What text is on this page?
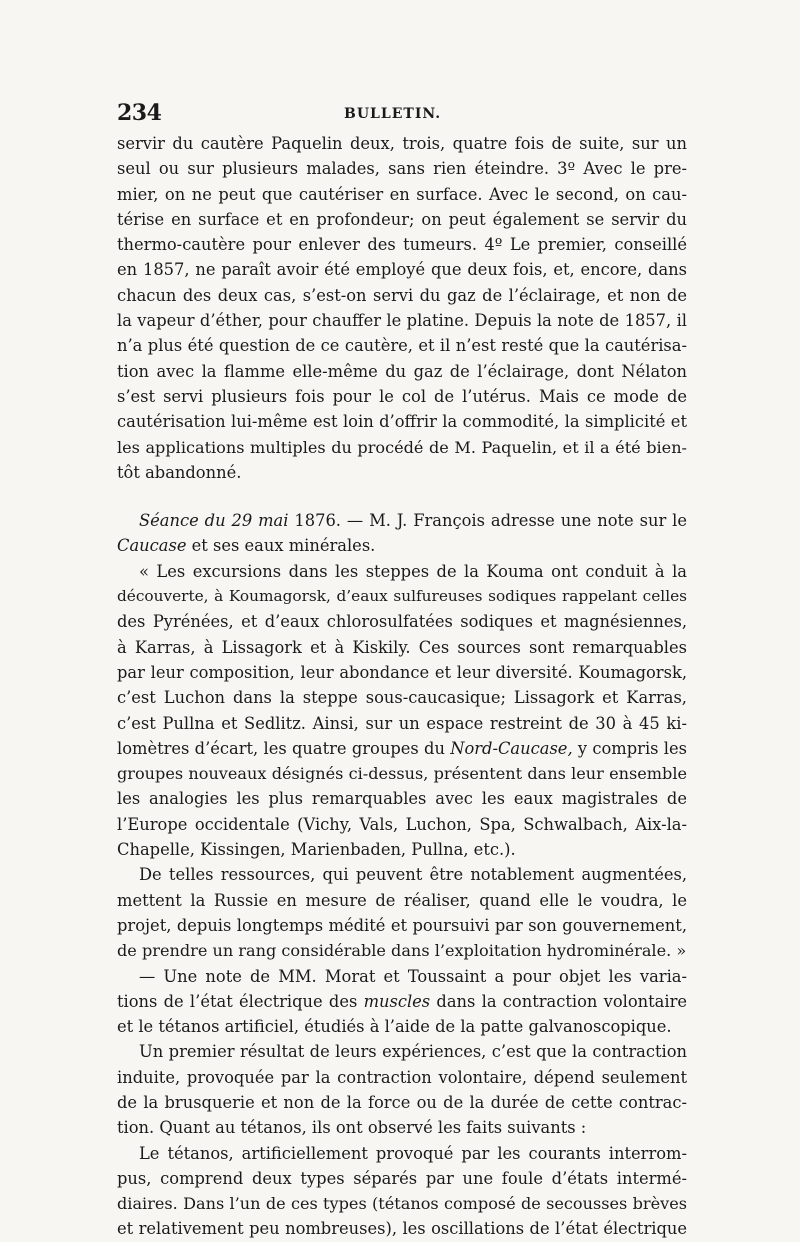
234	BULLETIN.
servir du cautère Paquelin deux, trois, quatre fois de suite, sur un
seul ou sur plusieurs malades, sans rien éteindre. 3º Avec le pre-
mier, on ne peut que cautériser en surface. Avec le second, on cau-
térise en surface et en profondeur; on peut également se servir du
thermo-cautère pour enlever des tumeurs. 4º Le premier, conseillé
en 1857, ne paraît avoir été employé que deux fois, et, encore, dans
chacun des deux cas, s’est-on servi du gaz de l’éclairage, et non de
la vapeur d’éther, pour chauffer le platine. Depuis la note de 1857, il
n’a plus été question de ce cautère, et il n’est resté que la cautérisa-
tion avec la flamme elle-même du gaz de l’éclairage, dont Nélaton
s’est servi plusieurs fois pour le col de l’utérus. Mais ce mode de
cautérisation lui-même est loin d’offrir la commodité, la simplicité et
les applications multiples du procédé de M. Paquelin, et il a été bien-
tôt abandonné.
Séance du 29 mai 1876. — M. J. François adresse une note sur le
Caucase et ses eaux minérales.
« Les excursions dans les steppes de la Kouma ont conduit à la
découverte, à Koumagorsk, d’eaux sulfureuses sodiques rappelant celles
des Pyrénées, et d’eaux chlorosulfatées sodiques et magnésiennes,
à Karras, à Lissagork et à Kiskily. Ces sources sont remarquables
par leur composition, leur abondance et leur diversité. Koumagorsk,
c’est Luchon dans la steppe sous-caucasique; Lissagork et Karras,
c’est Pullna et Sedlitz. Ainsi, sur un espace restreint de 30 à 45 ki-
lomètres d’écart, les quatre groupes du Nord-Caucase, y compris les
groupes nouveaux désignés ci-dessus, présentent dans leur ensemble
les analogies les plus remarquables avec les eaux magistrales de
l’Europe occidentale (Vichy, Vals, Luchon, Spa, Schwalbach, Aix-la-
Chapelle, Kissingen, Marienbaden, Pullna, etc.).
De telles ressources, qui peuvent être notablement augmentées,
mettent la Russie en mesure de réaliser, quand elle le voudra, le
projet, depuis longtemps médité et poursuivi par son gouvernement,
de prendre un rang considérable dans l’exploitation hydrominérale. »
— Une note de MM. Morat et Toussaint a pour objet les varia-
tions de l’état électrique des muscles dans la contraction volontaire
et le tétanos artificiel, étudiés à l’aide de la patte galvanoscopique.
Un premier résultat de leurs expériences, c’est que la contraction
induite, provoquée par la contraction volontaire, dépend seulement
de la brusquerie et non de la force ou de la durée de cette contrac-
tion. Quant au tétanos, ils ont observé les faits suivants :
Le tétanos, artificiellement provoqué par les courants interrom-
pus, comprend deux types séparés par une foule d’états intermé-
diaires. Dans l’un de ces types (tétanos composé de secousses brèves
et relativement peu nombreuses), les oscillations de l’état électrique
